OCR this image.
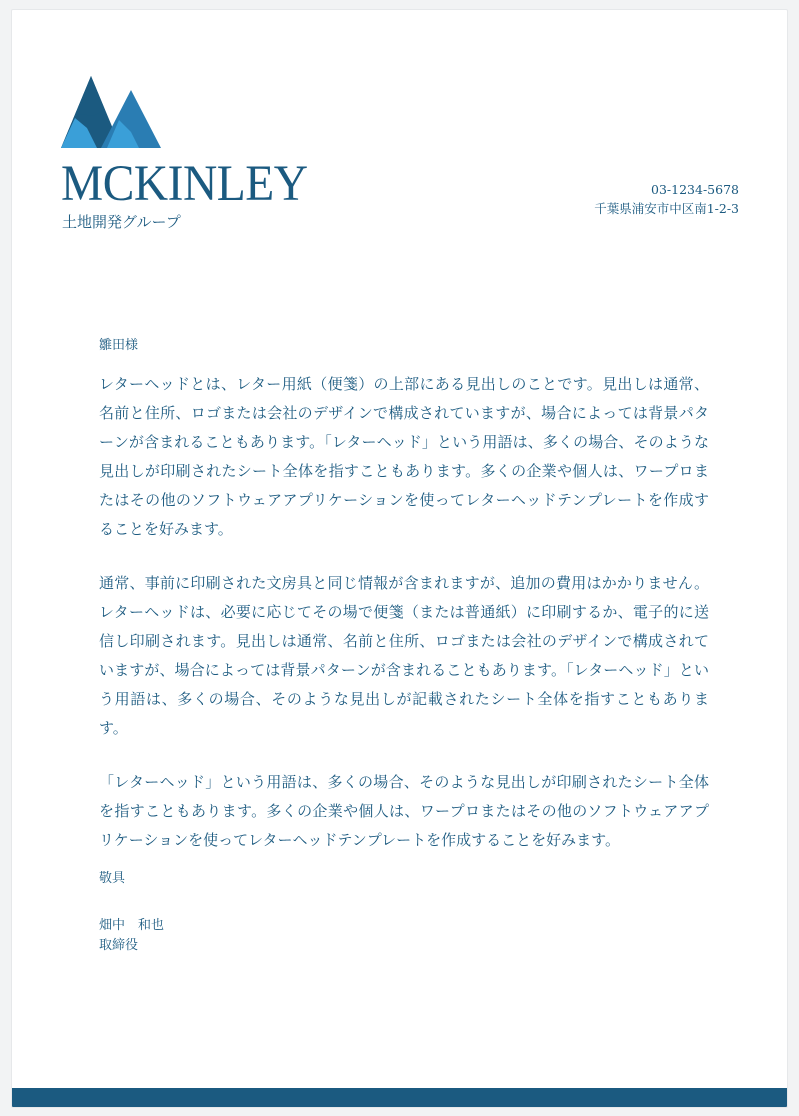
MCKINLEY
土地開発グループ
03-1234-5678
千葉県浦安市中区南1-2-3
雛田様

レターヘッドとは、レター用紙（便箋）の上部にある見出しのことです。見出しは通常、名前と住所、ロゴまたは会社のデザインで構成されていますが、場合によっては背景パターンが含まれることもあります。「レターヘッド」という用語は、多くの場合、そのような見出しが印刷されたシート全体を指すこともあります。多くの企業や個人は、ワープロまたはその他のソフトウェアアプリケーションを使ってレターヘッドテンプレートを作成することを好みます。

通常、事前に印刷された文房具と同じ情報が含まれますが、追加の費用はかかりません。レターヘッドは、必要に応じてその場で便箋（または普通紙）に印刷するか、電子的に送信し印刷されます。見出しは通常、名前と住所、ロゴまたは会社のデザインで構成されていますが、場合によっては背景パターンが含まれることもあります。「レターヘッド」という用語は、多くの場合、そのような見出しが記載されたシート全体を指すこともあります。

「レターヘッド」という用語は、多くの場合、そのような見出しが印刷されたシート全体を指すこともあります。多くの企業や個人は、ワープロまたはその他のソフトウェアアプリケーションを使ってレターヘッドテンプレートを作成することを好みます。

敬具
畑中　和也
取締役
